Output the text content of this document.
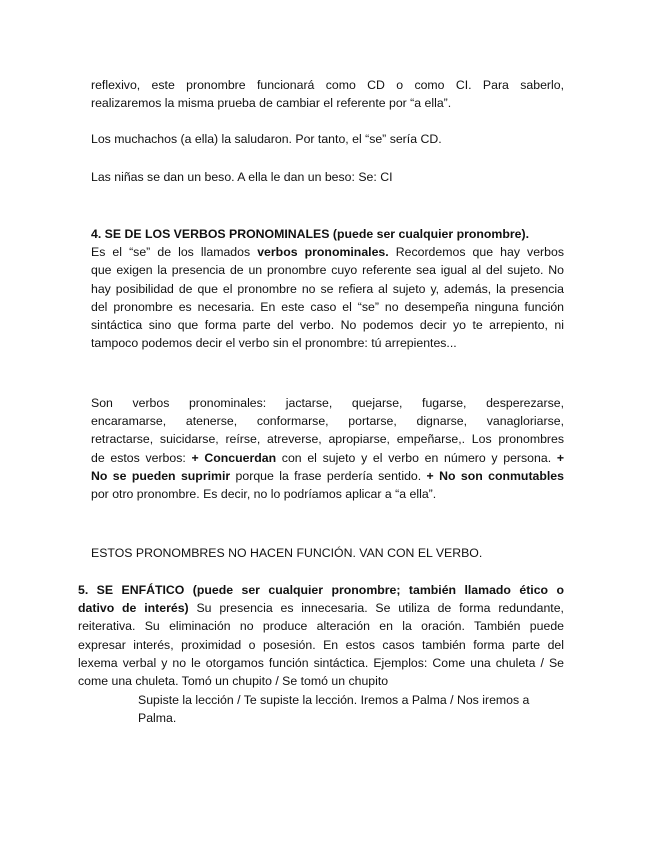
reflexivo, este pronombre funcionará como CD o como CI. Para saberlo,
realizaremos la misma prueba de cambiar el referente por “a ella”.
Los muchachos (a ella) la saludaron. Por tanto, el “se” sería CD.
Las niñas se dan un beso. A ella le dan un beso: Se: CI
4. SE DE LOS VERBOS PRONOMINALES (puede ser cualquier pronombre).
Es el “se” de los llamados verbos pronominales. Recordemos que hay verbos
que exigen la presencia de un pronombre cuyo referente sea igual al del sujeto. No
hay posibilidad de que el pronombre no se refiera al sujeto y, además, la presencia
del pronombre es necesaria. En este caso el “se” no desempeña ninguna función
sintáctica sino que forma parte del verbo. No podemos decir yo te arrepiento, ni
tampoco podemos decir el verbo sin el pronombre: tú arrepientes...
Son verbos pronominales: jactarse, quejarse, fugarse, desperezarse,
encaramarse, atenerse, conformarse, portarse, dignarse, vanagloriarse,
retractarse, suicidarse, reírse, atreverse, apropiarse, empeñarse,. Los pronombres
de estos verbos: + Concuerdan con el sujeto y el verbo en número y persona. +
No se pueden suprimir porque la frase perdería sentido. + No son conmutables
por otro pronombre. Es decir, no lo podríamos aplicar a “a ella”.
ESTOS PRONOMBRES NO HACEN FUNCIÓN. VAN CON EL VERBO.
5. SE ENFÁTICO (puede ser cualquier pronombre; también llamado ético o
dativo de interés) Su presencia es innecesaria. Se utiliza de forma redundante,
reiterativa. Su eliminación no produce alteración en la oración. También puede
expresar interés, proximidad o posesión. En estos casos también forma parte del
lexema verbal y no le otorgamos función sintáctica. Ejemplos: Come una chuleta / Se
come una chuleta. Tomó un chupito / Se tomó un chupito
Supiste la lección / Te supiste la lección. Iremos a Palma / Nos iremos a
Palma.
